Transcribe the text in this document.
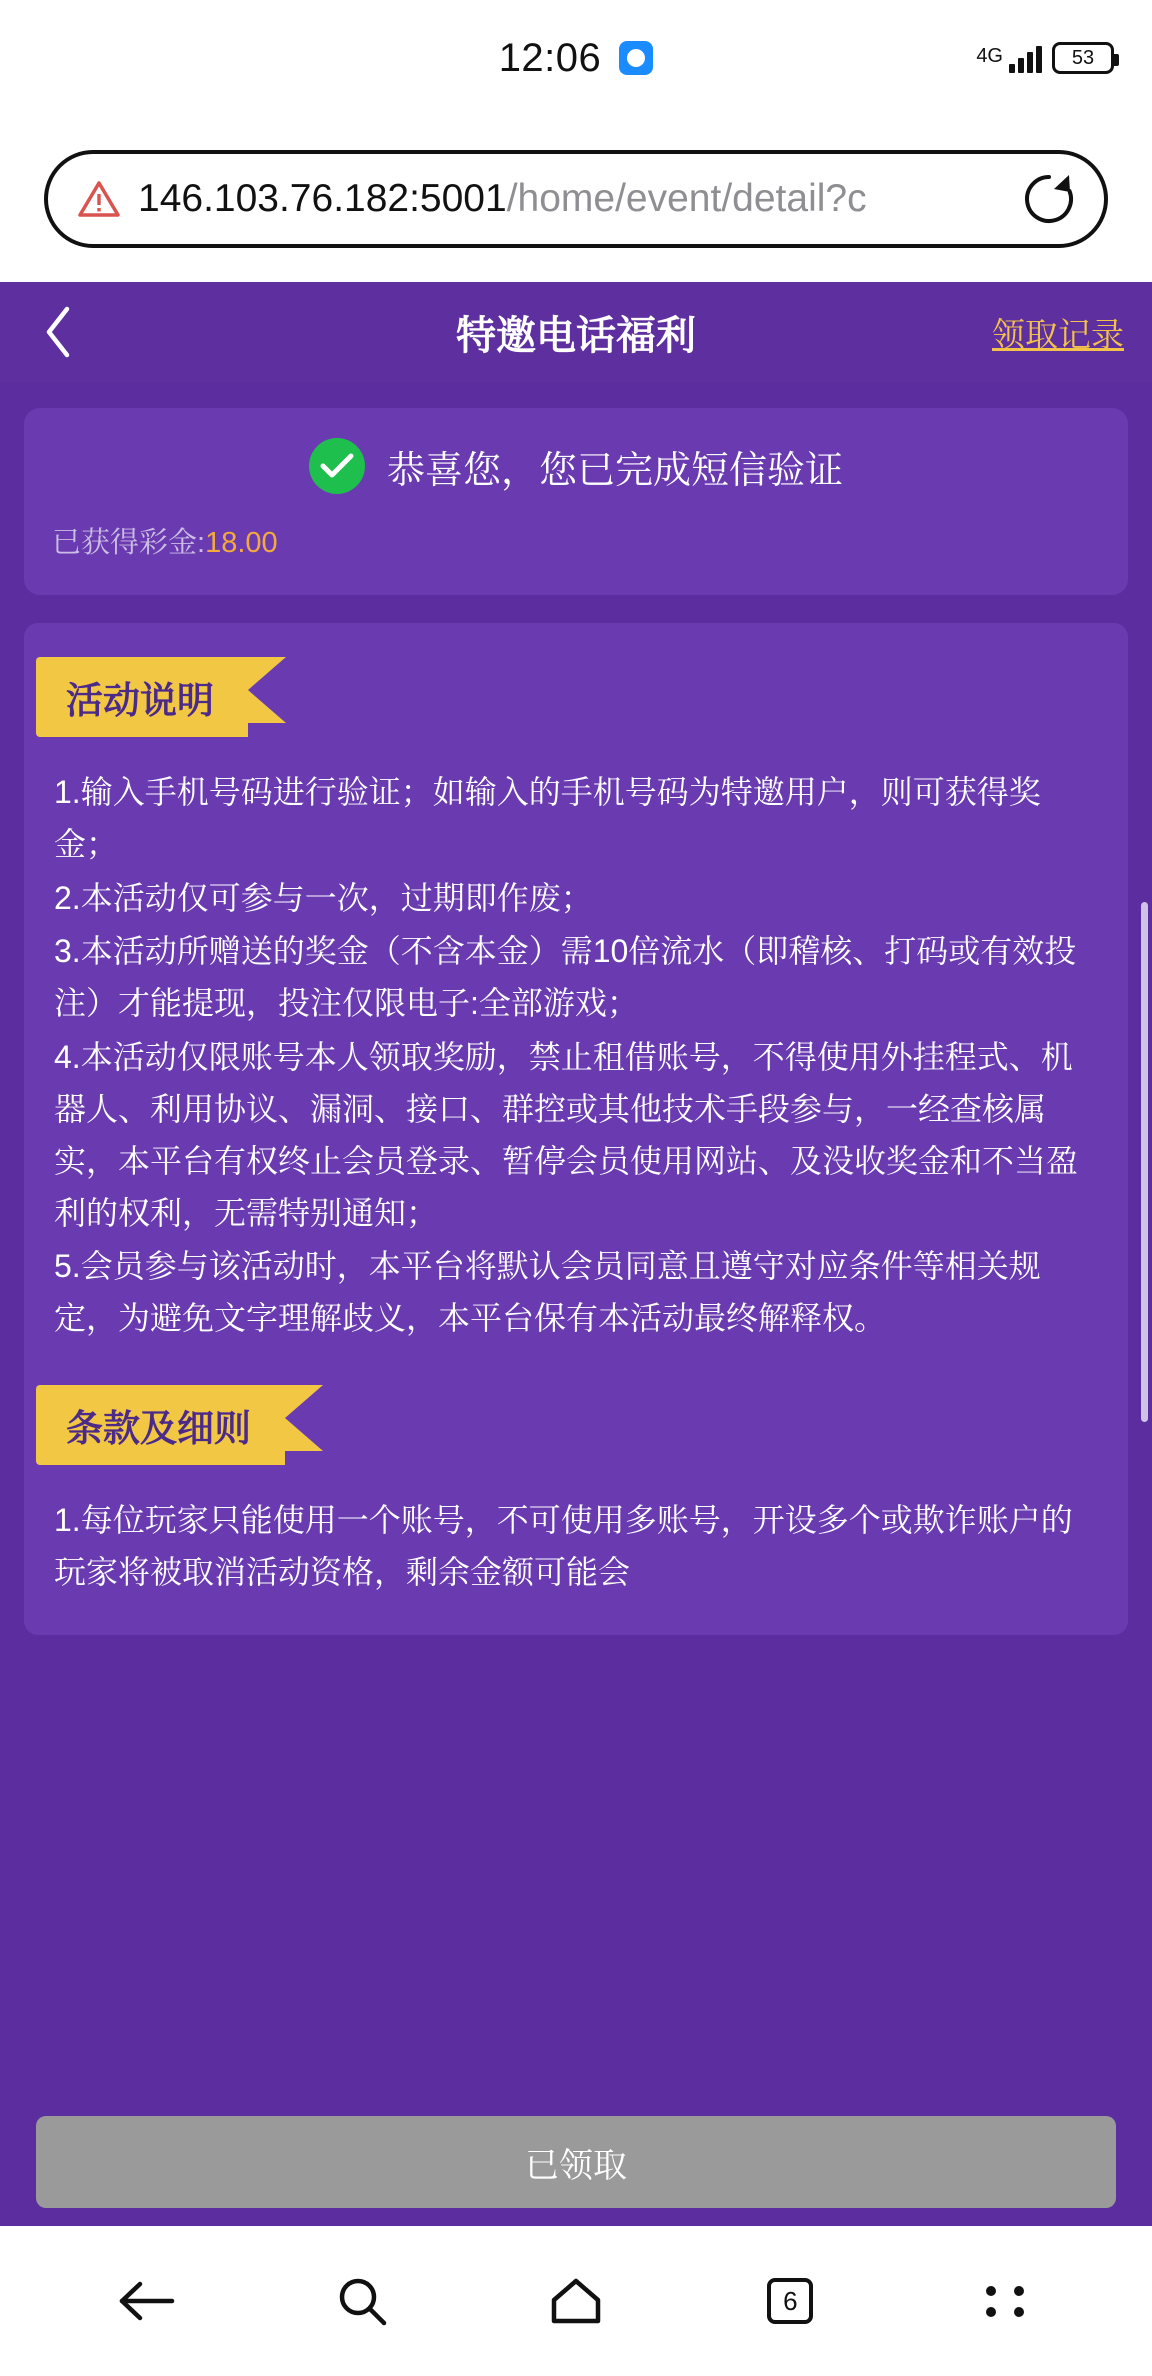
12:06	4G	53
146.103.76.182:5001/home/event/detail?c
特邀电话福利	领取记录
恭喜您，您已完成短信验证
已获得彩金:18.00
活动说明

1.输入手机号码进行验证；如输入的手机号码为特邀用户，则可获得奖金；

2.本活动仅可参与一次，过期即作废；

3.本活动所赠送的奖金（不含本金）需10倍流水（即稽核、打码或有效投注）才能提现，投注仅限电子:全部游戏；

4.本活动仅限账号本人领取奖励，禁止租借账号，不得使用外挂程式、机器人、利用协议、漏洞、接口、群控或其他技术手段参与，一经查核属实，本平台有权终止会员登录、暂停会员使用网站、及没收奖金和不当盈利的权利，无需特别通知；

5.会员参与该活动时，本平台将默认会员同意且遵守对应条件等相关规定，为避免文字理解歧义，本平台保有本活动最终解释权。

条款及细则

1.每位玩家只能使用一个账号，不可使用多账号，开设多个或欺诈账户的玩家将被取消活动资格，剩余金额可能会

已领取
6
